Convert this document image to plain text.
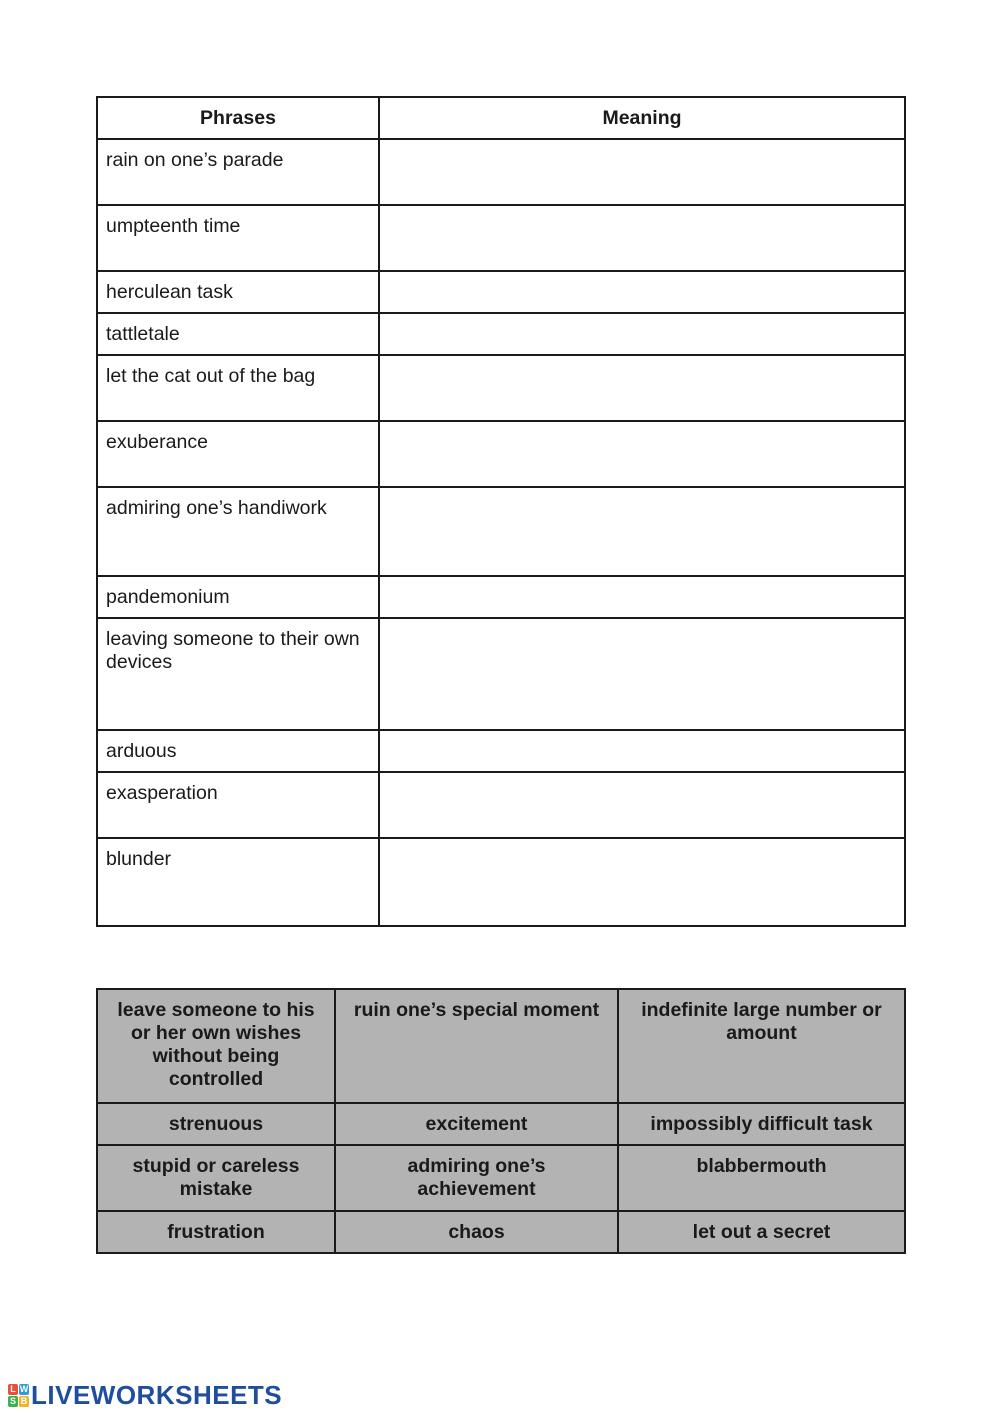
Phrases	Meaning

rain on one’s parade	

umpteenth time	

herculean task	

tattletale	

let the cat out of the bag	

exuberance	

admiring one’s handiwork	

pandemonium	

leaving someone to their own devices	

arduous	

exasperation	

blunder	

leave someone to his or her own wishes without being controlled	ruin one’s special moment	indefinite large number or amount
strenuous	excitement	impossibly difficult task
stupid or careless mistake	admiring one’s achievement	blabbermouth
frustration	chaos	let out a secret
L W
S B LIVEWORKSHEETS
